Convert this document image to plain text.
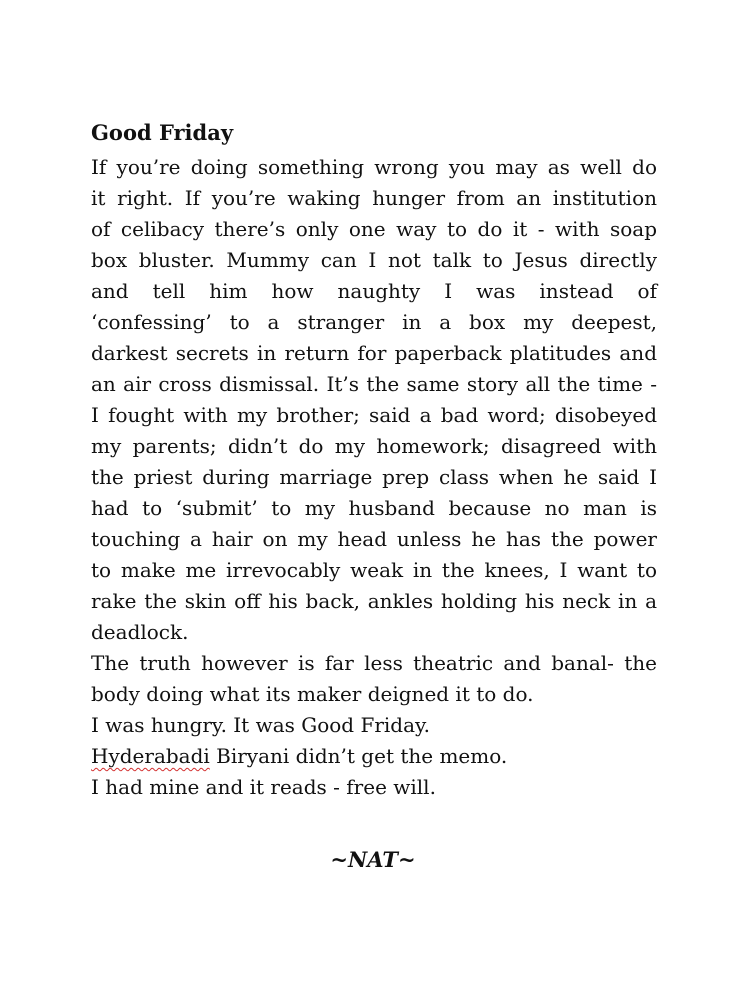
Good Friday
If you’re doing something wrong you may as well do
it right. If you’re waking hunger from an institution
of celibacy there’s only one way to do it - with soap
box bluster. Mummy can I not talk to Jesus directly
and tell him how naughty I was instead of
‘confessing’ to a stranger in a box my deepest,
darkest secrets in return for paperback platitudes and
an air cross dismissal. It’s the same story all the time -
I fought with my brother; said a bad word; disobeyed
my parents; didn’t do my homework; disagreed with
the priest during marriage prep class when he said I
had to ‘submit’ to my husband because no man is
touching a hair on my head unless he has the power
to make me irrevocably weak in the knees, I want to
rake the skin off his back, ankles holding his neck in a
deadlock.
The truth however is far less theatric and banal- the
body doing what its maker deigned it to do.
I was hungry. It was Good Friday.
Hyderabadi Biryani didn’t get the memo.
I had mine and it reads - free will.
~NAT~
